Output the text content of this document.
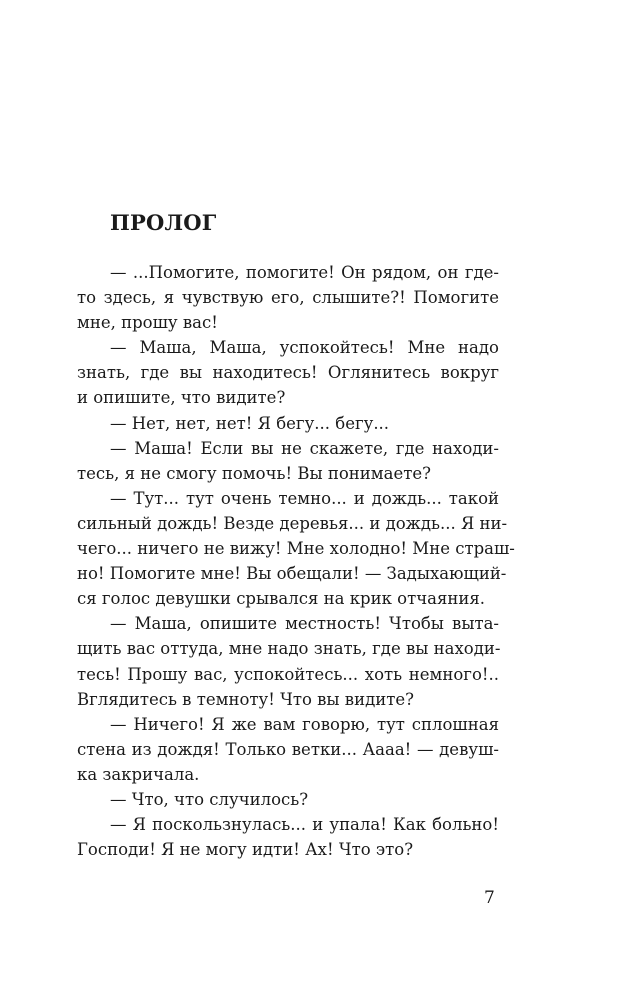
ПРОЛОГ
— ...Помогите, помогите! Он рядом, он где-
то здесь, я чувствую его, слышите?! Помогите
мне, прошу вас!
— Маша, Маша, успокойтесь! Мне надо
знать, где вы находитесь! Оглянитесь вокруг
и опишите, что видите?
— Нет, нет, нет! Я бегу... бегу...
— Маша! Если вы не скажете, где находи-
тесь, я не смогу помочь! Вы понимаете?
— Тут... тут очень темно... и дождь... такой
сильный дождь! Везде деревья... и дождь... Я ни-
чего... ничего не вижу! Мне холодно! Мне страш-
но! Помогите мне! Вы обещали! — Задыхающий-
ся голос девушки срывался на крик отчаяния.
— Маша, опишите местность! Чтобы выта-
щить вас оттуда, мне надо знать, где вы находи-
тесь! Прошу вас, успокойтесь... хоть немного!..
Вглядитесь в темноту! Что вы видите?
— Ничего! Я же вам говорю, тут сплошная
стена из дождя! Только ветки... Аааа! — девуш-
ка закричала.
— Что, что случилось?
— Я поскользнулась... и упала! Как больно!
Господи! Я не могу идти! Ах! Что это?
7
